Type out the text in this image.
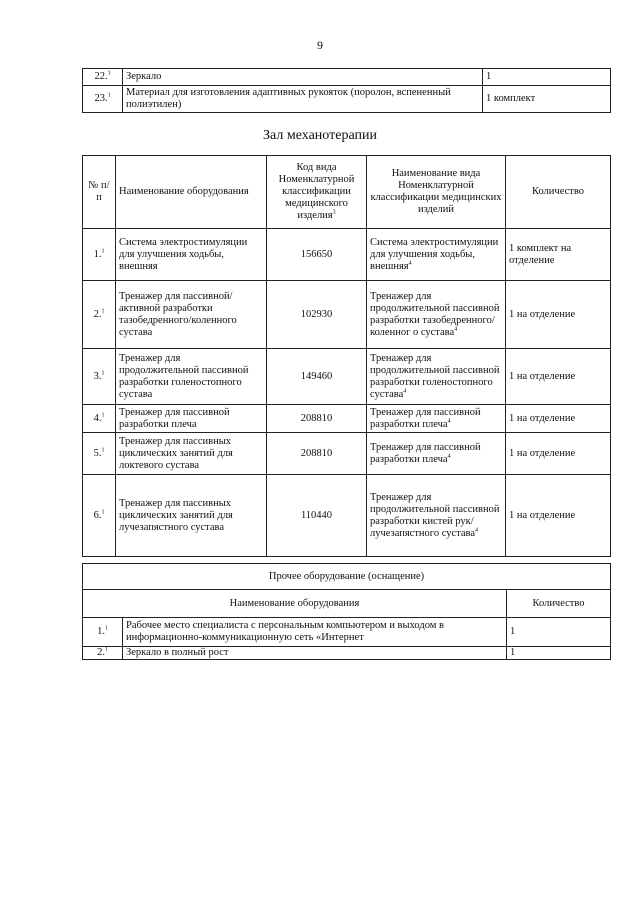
9
22.$^1$	Зеркало	1
23.$^1$	Материал для изготовления адаптивных рукояток (поролон, вспененный полиэтилен)	1 комплект
Зал механотерапии
№ п/п	Наименование оборудования	Код вида Номенклатурной классификации медицинского изделия$^3$	Наименование вида Номенклатурной классификации медицинских изделий	Количество
1.$^1$	Система электростимуляции для улучшения ходьбы, внешняя	156650	Система электростимуляции для улучшения ходьбы, внешняя$^4$	1 комплект на отделение
2.$^1$	Тренажер для пассивной/активной разработки тазобедренного/коленного сустава	102930	Тренажер для продолжительной пассивной разработки тазобедренного/коленног о сустава$^4$	1 на отделение
3.$^1$	Тренажер для продолжительной пассивной разработки голеностопного сустава	149460	Тренажер для продолжительной пассивной разработки голеностопного сустава$^4$	1 на отделение
4.$^1$	Тренажер для пассивной разработки плеча	208810	Тренажер для пассивной разработки плеча$^4$	1 на отделение
5.$^1$	Тренажер для пассивных циклических занятий для локтевого сустава	208810	Тренажер для пассивной разработки плеча$^4$	1 на отделение
6.$^1$	Тренажер для пассивных циклических занятий для лучезапястного сустава	110440	Тренажер для продолжительной пассивной разработки кистей рук/лучезапястного сустава$^4$	1 на отделение
Прочее оборудование (оснащение)		
Наименование оборудования		Количество
1.$^1$	Рабочее место специалиста с персональным компьютером и выходом в информационно-коммуникационную сеть «Интернет	1
2.$^1$	Зеркало в полный рост	1
